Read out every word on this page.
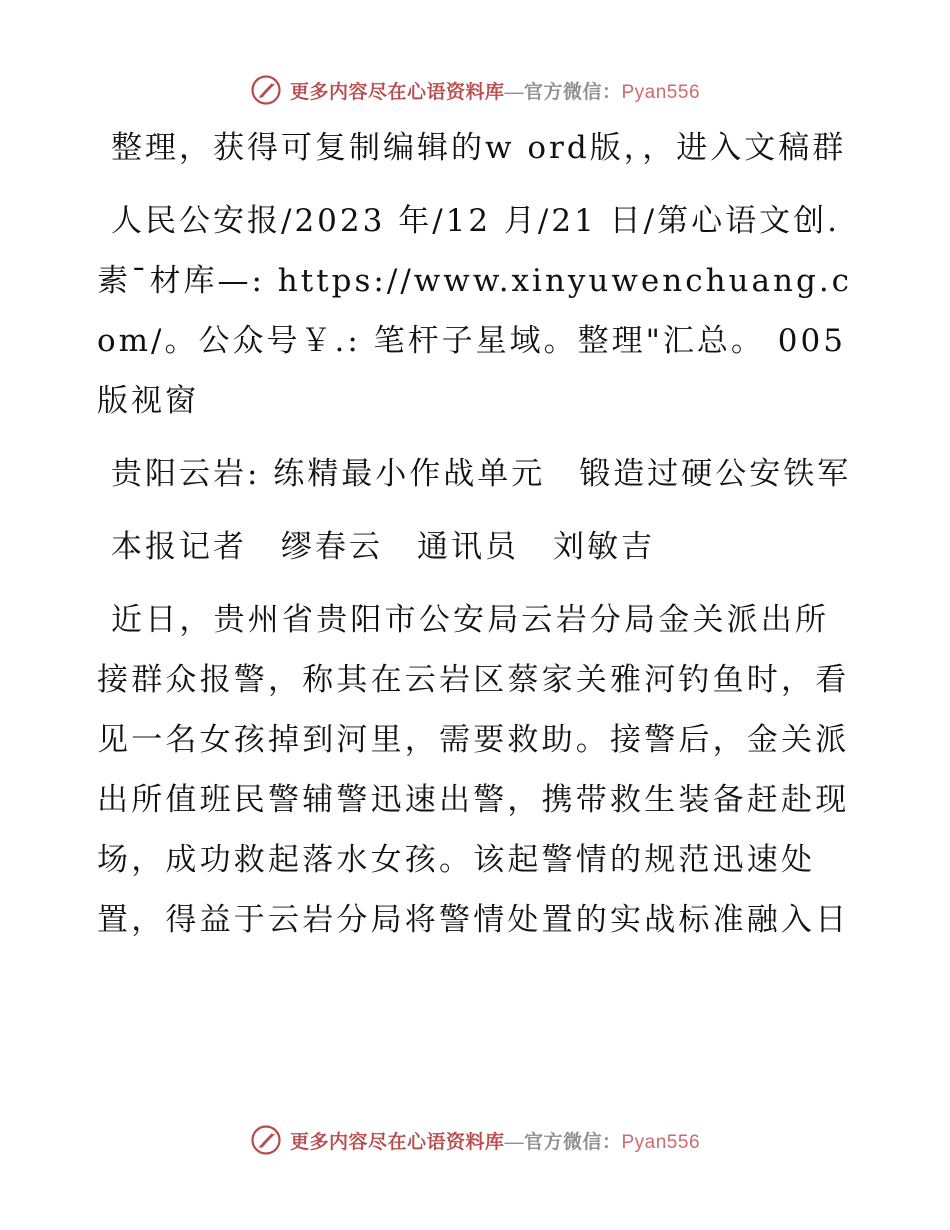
更多内容尽在心语资料库—官方微信：Pyan556

整理，获得可复制编辑的w ord版，，进入文稿群

人民公安报/2023 年/12 月/21 日/第心语文创. 素¯材库—: https://www.xinyuwenchuang.com/。公众号￥.: 笔杆子星域。整理"汇总。 005 版视窗

贵阳云岩: 练精最小作战单元　锻造过硬公安铁军

本报记者　缪春云　通讯员　刘敏吉

近日，贵州省贵阳市公安局云岩分局金关派出所接群众报警，称其在云岩区蔡家关雅河钓鱼时，看见一名女孩掉到河里，需要救助。接警后，金关派出所值班民警辅警迅速出警，携带救生装备赶赴现场，成功救起落水女孩。该起警情的规范迅速处置，得益于云岩分局将警情处置的实战标准融入日

更多内容尽在心语资料库—官方微信：Pyan556
